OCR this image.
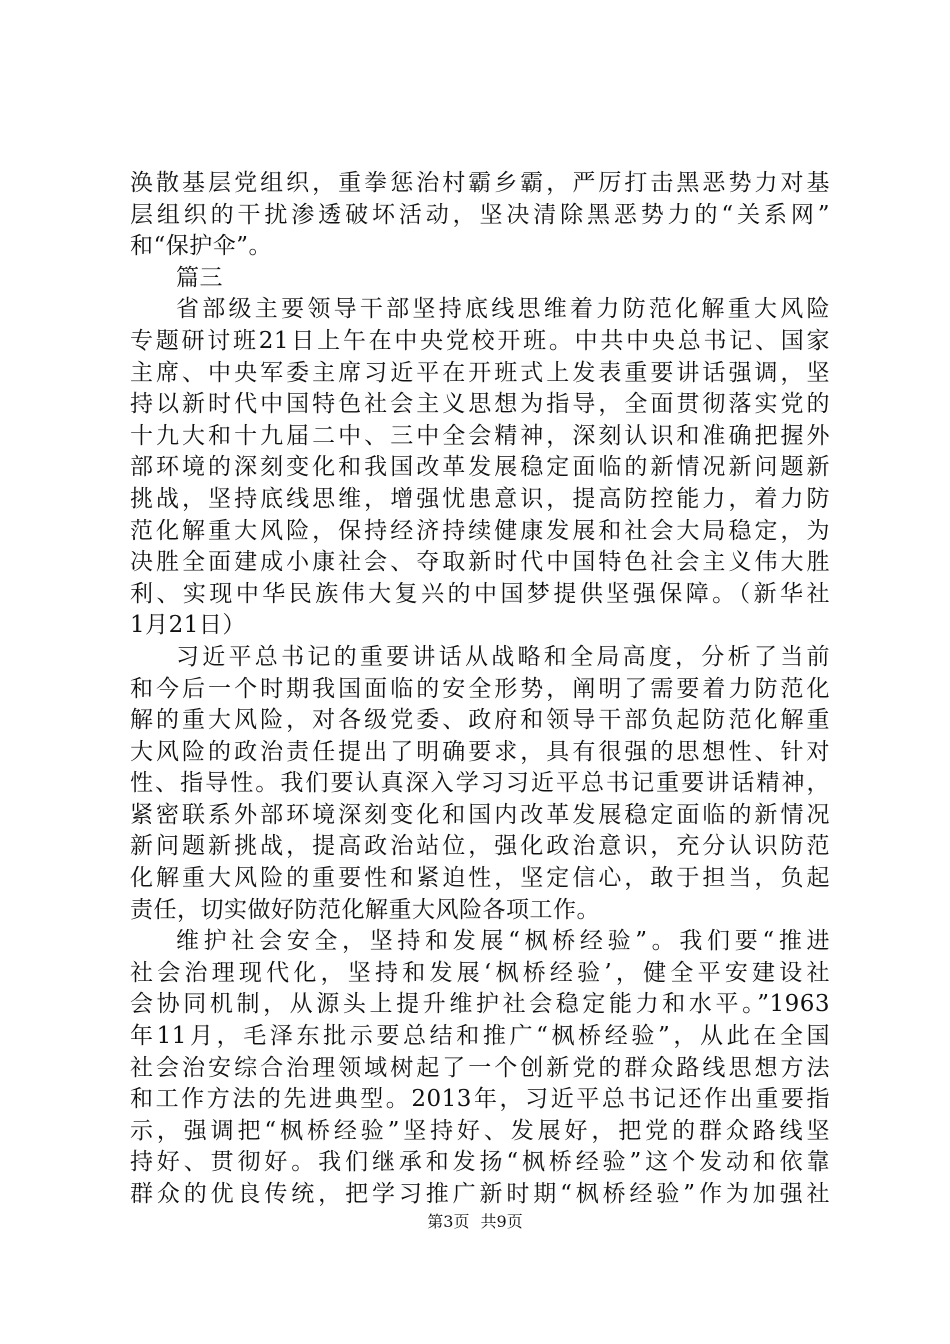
涣散基层党组织，重拳惩治村霸乡霸，严厉打击黑恶势力对基
层组织的干扰渗透破坏活动，坚决清除黑恶势力的“关系网”
和“保护伞”。
篇三
省部级主要领导干部坚持底线思维着力防范化解重大风险
专题研讨班21日上午在中央党校开班。中共中央总书记、国家
主席、中央军委主席习近平在开班式上发表重要讲话强调，坚
持以新时代中国特色社会主义思想为指导，全面贯彻落实党的
十九大和十九届二中、三中全会精神，深刻认识和准确把握外
部环境的深刻变化和我国改革发展稳定面临的新情况新问题新
挑战，坚持底线思维，增强忧患意识，提高防控能力，着力防
范化解重大风险，保持经济持续健康发展和社会大局稳定，为
决胜全面建成小康社会、夺取新时代中国特色社会主义伟大胜
利、实现中华民族伟大复兴的中国梦提供坚强保障。（新华社
1月21日）
习近平总书记的重要讲话从战略和全局高度，分析了当前
和今后一个时期我国面临的安全形势，阐明了需要着力防范化
解的重大风险，对各级党委、政府和领导干部负起防范化解重
大风险的政治责任提出了明确要求，具有很强的思想性、针对
性、指导性。我们要认真深入学习习近平总书记重要讲话精神，
紧密联系外部环境深刻变化和国内改革发展稳定面临的新情况
新问题新挑战，提高政治站位，强化政治意识，充分认识防范
化解重大风险的重要性和紧迫性，坚定信心，敢于担当，负起
责任，切实做好防范化解重大风险各项工作。
维护社会安全，坚持和发展“枫桥经验”。我们要“推进
社会治理现代化，坚持和发展‘枫桥经验’，健全平安建设社
会协同机制，从源头上提升维护社会稳定能力和水平。”1963
年11月，毛泽东批示要总结和推广“枫桥经验”，从此在全国
社会治安综合治理领域树起了一个创新党的群众路线思想方法
和工作方法的先进典型。2013年，习近平总书记还作出重要指
示，强调把“枫桥经验”坚持好、发展好，把党的群众路线坚
持好、贯彻好。我们继承和发扬“枫桥经验”这个发动和依靠
群众的优良传统，把学习推广新时期“枫桥经验”作为加强社
第3页 共9页
